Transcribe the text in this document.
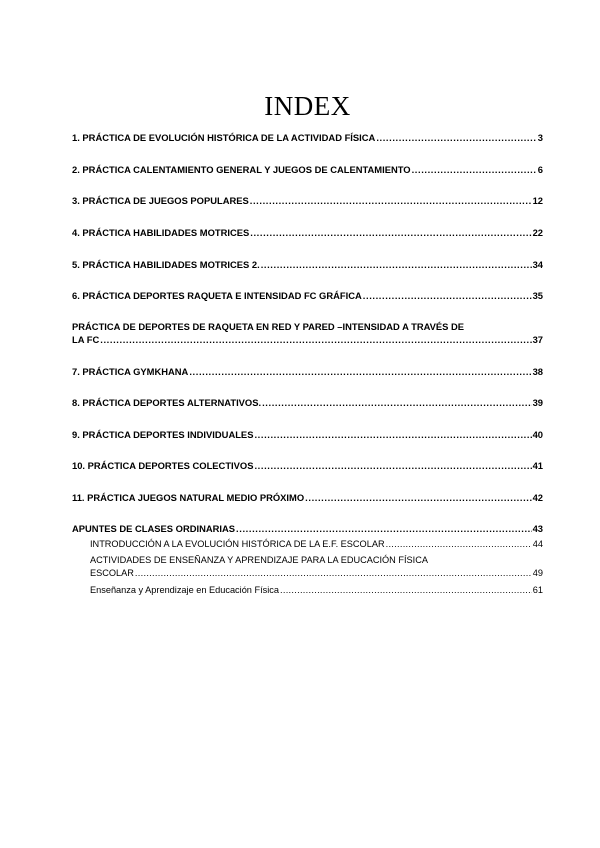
INDEX
1. PRÁCTICA DE EVOLUCIÓN HISTÓRICA DE LA ACTIVIDAD FÍSICA .....	3
2. PRÁCTICA CALENTAMIENTO GENERAL Y JUEGOS DE CALENTAMIENTO .....	6
3. PRÁCTICA DE JUEGOS POPULARES .....	12
4. PRÁCTICA HABILIDADES MOTRICES .....	22
5. PRÁCTICA HABILIDADES MOTRICES 2. .....	34
6. PRÁCTICA DEPORTES RAQUETA E INTENSIDAD FC GRÁFICA .....	35
PRÁCTICA DE DEPORTES DE RAQUETA EN RED Y PARED –INTENSIDAD A TRAVÉS DE
LA FC .....	37
7. PRÁCTICA GYMKHANA .....	38
8. PRÁCTICA DEPORTES ALTERNATIVOS. .....	39
9. PRÁCTICA DEPORTES INDIVIDUALES .....	40
10. PRÁCTICA DEPORTES COLECTIVOS .....	41
11. PRÁCTICA JUEGOS NATURAL MEDIO PRÓXIMO .....	42
APUNTES DE CLASES ORDINARIAS .....	43
INTRODUCCIÓN A LA EVOLUCIÓN HISTÓRICA DE LA E.F. ESCOLAR .....	44
ACTIVIDADES DE ENSEÑANZA Y APRENDIZAJE PARA LA EDUCACIÓN FÍSICA
ESCOLAR .....	49
Enseñanza y Aprendizaje en Educación Física .....	61
